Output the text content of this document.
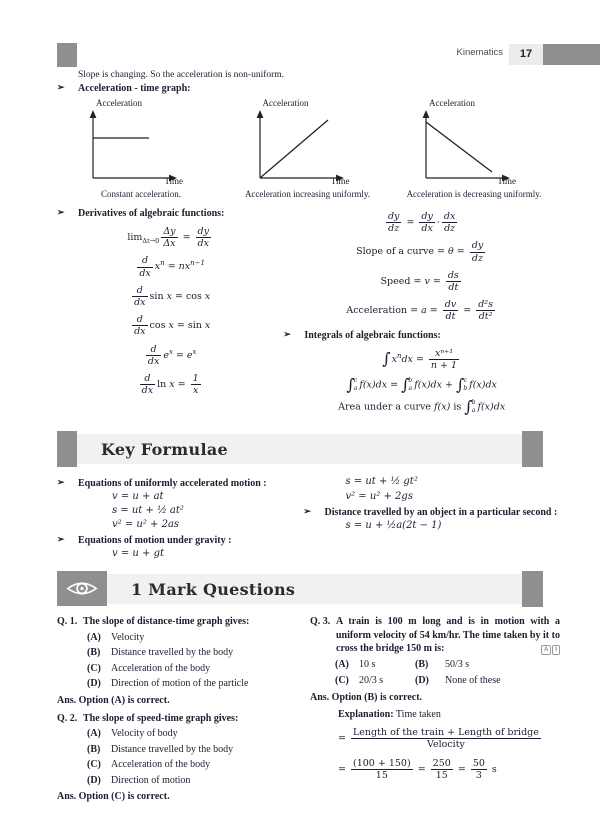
Kinematics	17
Slope is changing. So the acceleration is non-uniform.
➢	Acceleration - time graph:
Acceleration
Time
Constant acceleration.
Acceleration
Time
Acceleration increasing uniformly.
Acceleration
Time
Acceleration is decreasing uniformly.
➢	Derivatives of algebraic functions:
$\lim_{\Delta t\to 0} \frac{\Delta y}{\Delta x} = \frac{dy}{dx}$
$\frac{d}{dx} x^n = nx^{n-1}$
$\frac{d}{dx}$ sin x = cos x
$\frac{d}{dx}$ cos x = sin x
$\frac{d}{dx} e^x = e^x$
$\frac{d}{dx}$ $\ln x = \frac{1}{x}$
$\frac{dy}{dz} = \frac{dy}{dx} \cdot \frac{dx}{dz}$
Slope of a curve = $\theta = \frac{dy}{dz}$
Speed = $v = \frac{ds}{dt}$
Acceleration = $a = \frac{dv}{dt} = \frac{\text{d²s}}{\text{dt²}}$
➢	Integrals of algebraic functions:
∫ $x^ndx = \frac{\text{xⁿ⁺¹}}{n + 1}$
∫ c
a f(x)dx = ∫ b
a f(x)dx + ∫ c
b f(x)dx
Area under a curve f(x) is ∫ b
a f(x)dx
Key Formulae
➢	Equations of uniformly accelerated motion :
v = u + at
s = ut + ½ at²
v² = u² + 2as
➢	Equations of motion under gravity :
v = u + gt
s = ut + ½ gt²
v² = u² + 2gs
➢	Distance travelled by an object in a particular second :
s = u + ½a(2t − 1)
1 Mark Questions
Q. 1. The slope of distance-time graph gives:
(A)	Velocity
(B)	Distance travelled by the body
(C)	Acceleration of the body
(D)	Direction of motion of the particle
Ans. Option (A) is correct.
Q. 2. The slope of speed-time graph gives:
(A)	Velocity of body
(B)	Distance travelled by the body
(C)	Acceleration of the body
(D)	Direction of motion
Ans. Option (C) is correct.
Q. 3. A train is 100 m long and is in motion with a uniform velocity of 54 km/hr. The time taken by it to cross the bridge 150 m is:	A	I
(A)	10 s	(B)	50/3 s
(C)	20/3 s	(D)	None of these
Ans. Option (B) is correct.
Explanation: Time taken
= $\frac{\text{Length of the train + Length of bridge}}{\text{Velocity}}$
= $\frac{(100 + 150)}{15} = \frac{250}{15} = \frac{50}{3}$ s
